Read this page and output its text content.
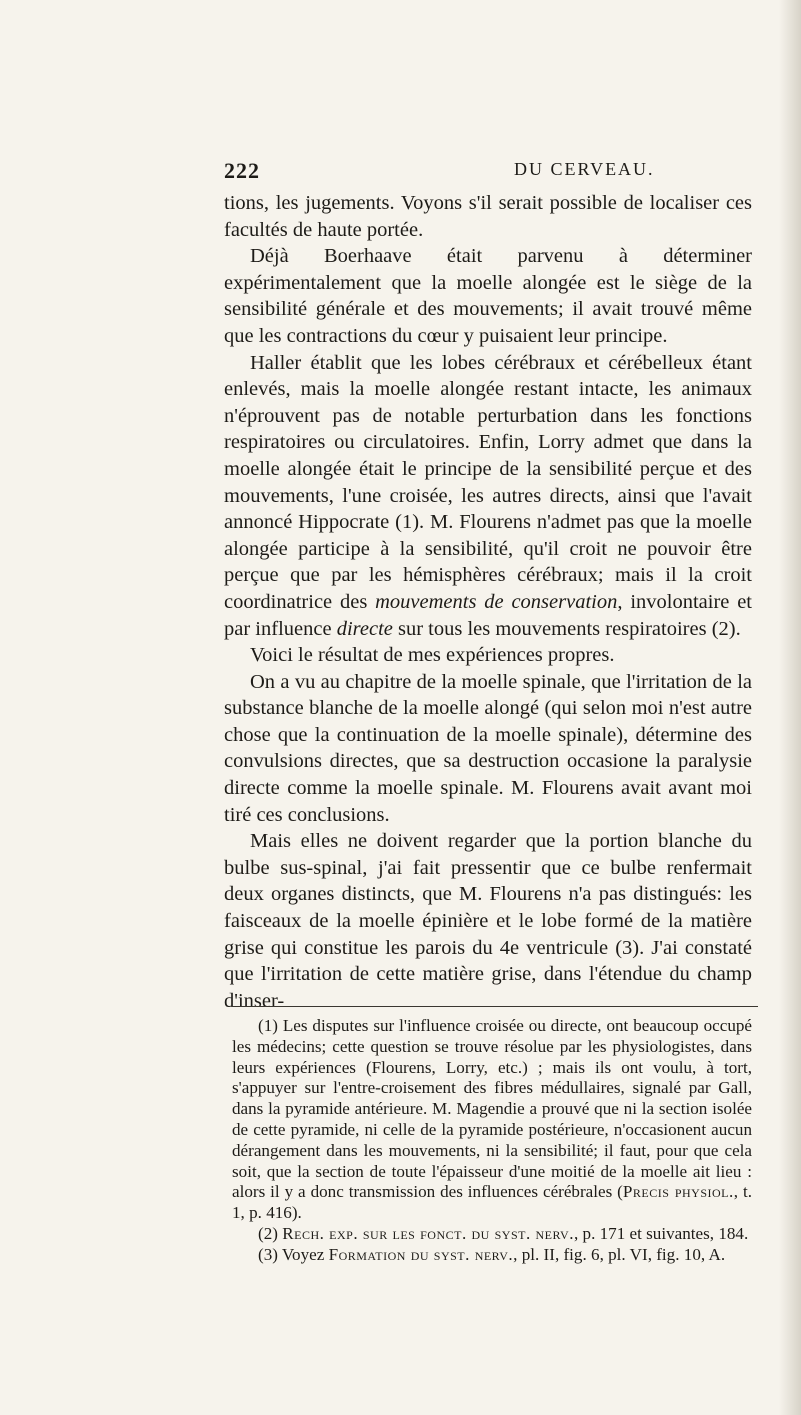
222	DU CERVEAU.

tions, les jugements. Voyons s'il serait possible de localiser ces facultés de haute portée.

Déjà Boerhaave était parvenu à déterminer expérimentalement que la moelle alongée est le siège de la sensibilité générale et des mouvements; il avait trouvé même que les contractions du cœur y puisaient leur principe.

Haller établit que les lobes cérébraux et cérébelleux étant enlevés, mais la moelle alongée restant intacte, les animaux n'éprouvent pas de notable perturbation dans les fonctions respiratoires ou circulatoires. Enfin, Lorry admet que dans la moelle alongée était le principe de la sensibilité perçue et des mouvements, l'une croisée, les autres directs, ainsi que l'avait annoncé Hippocrate (1). M. Flourens n'admet pas que la moelle alongée participe à la sensibilité, qu'il croit ne pouvoir être perçue que par les hémisphères cérébraux; mais il la croit coordinatrice des mouvements de conservation, involontaire et par influence directe sur tous les mouvements respiratoires (2).

Voici le résultat de mes expériences propres.

On a vu au chapitre de la moelle spinale, que l'irritation de la substance blanche de la moelle alongé (qui selon moi n'est autre chose que la continuation de la moelle spinale), détermine des convulsions directes, que sa destruction occasione la paralysie directe comme la moelle spinale. M. Flourens avait avant moi tiré ces conclusions.

Mais elles ne doivent regarder que la portion blanche du bulbe sus-spinal, j'ai fait pressentir que ce bulbe renfermait deux organes distincts, que M. Flourens n'a pas distingués: les faisceaux de la moelle épinière et le lobe formé de la matière grise qui constitue les parois du 4e ventricule (3). J'ai constaté que l'irritation de cette matière grise, dans l'étendue du champ d'inser-

(1) Les disputes sur l'influence croisée ou directe, ont beaucoup occupé les médecins; cette question se trouve résolue par les physiologistes, dans leurs expériences (Flourens, Lorry, etc.) ; mais ils ont voulu, à tort, s'appuyer sur l'entre-croisement des fibres médullaires, signalé par Gall, dans la pyramide antérieure. M. Magendie a prouvé que ni la section isolée de cette pyramide, ni celle de la pyramide postérieure, n'occasionent aucun dérangement dans les mouvements, ni la sensibilité; il faut, pour que cela soit, que la section de toute l'épaisseur d'une moitié de la moelle ait lieu : alors il y a donc transmission des influences cérébrales (Precis physiol., t. 1, p. 416).

(2) Rech. exp. sur les fonct. du syst. nerv., p. 171 et suivantes, 184.

(3) Voyez Formation du syst. nerv., pl. II, fig. 6, pl. VI, fig. 10, A.
